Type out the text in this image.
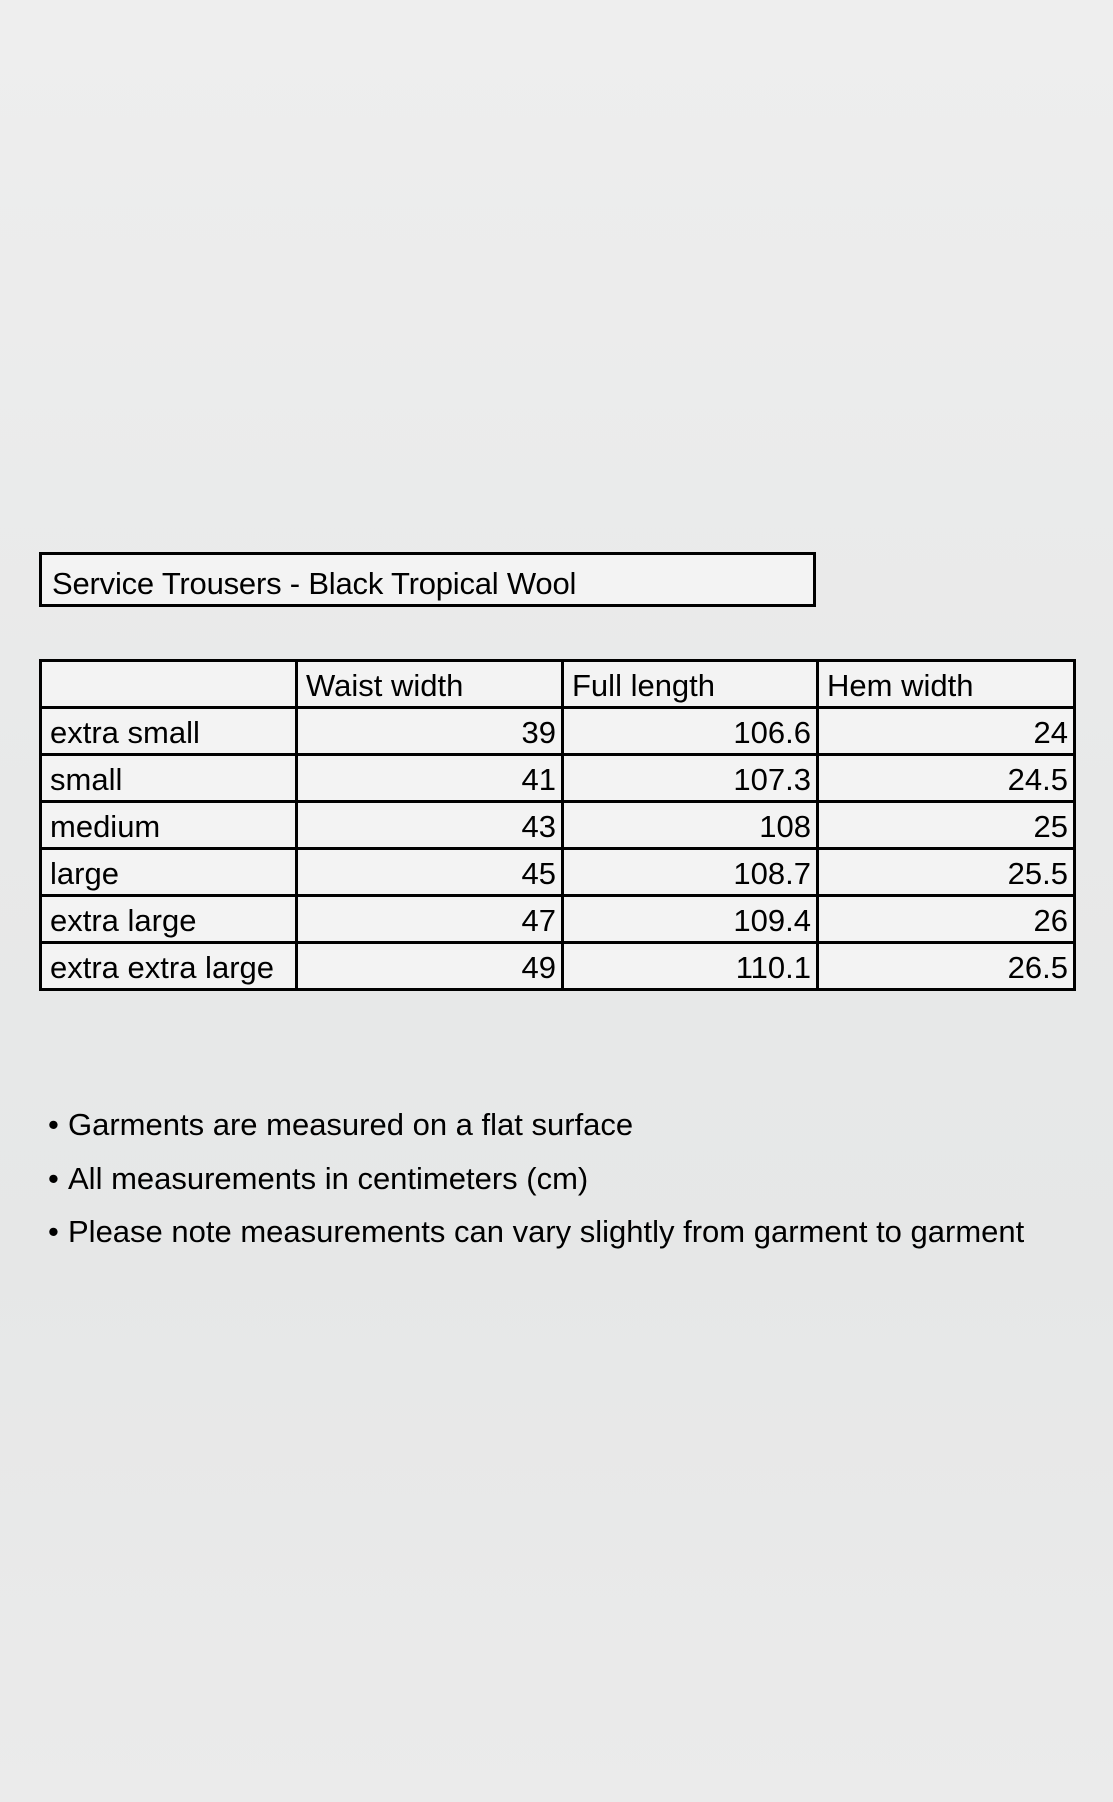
Service Trousers - Black Tropical Wool
	Waist width	Full length	Hem width
extra small	39	106.6	24
small	41	107.3	24.5
medium	43	108	25
large	45	108.7	25.5
extra large	47	109.4	26
extra extra large	49	110.1	26.5
• Garments are measured on a flat surface
• All measurements in centimeters (cm)
• Please note measurements can vary slightly from garment to garment
